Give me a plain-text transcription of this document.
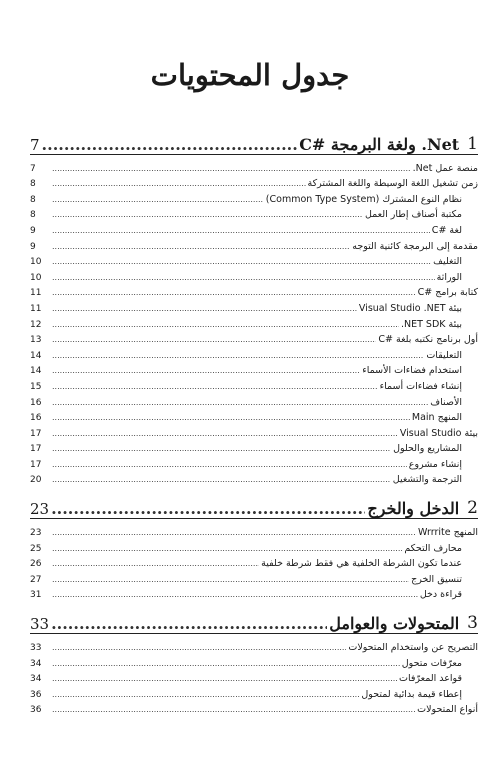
جدول المحتويات
1
Net. ولغة البرمجة #C
.....
7
منصة عمل Net.
.....
7
زمن تشغيل اللغة الوسيطة واللغة المشتركة
.....
8
نظام النوع المشترك (Common Type System)
.....
8
مكتبة أصناف إطار العمل
.....
8
لغة #C
.....
9
مقدمة إلى البرمجة كائنية التوجه
.....
9
التغليف
.....
10
الوراثة
.....
10
كتابة برامج #C
.....
11
بيئة Visual Studio .NET
.....
11
بيئة NET SDK.
.....
12
أول برنامج نكتبه بلغة #C
.....
13
التعليقات
.....
14
استخدام فضاءات الأسماء
.....
14
إنشاء فضاءات أسماء
.....
15
الأصناف
.....
16
المنهج Main
.....
16
بيئة Visual Studio
.....
17
المشاريع والحلول
.....
17
إنشاء مشروع
.....
17
الترجمة والتشغيل
.....
20
2
الدخل والخرج
.....
23
المنهج Wrrrite
.....
23
محارف التحكم
.....
25
عندما تكون الشرطة الخلفية هي فقط شرطة خلفية
.....
26
تنسيق الخرج
.....
27
قراءة دخل
.....
31
3
المتحولات والعوامل
.....
33
التصريح عن واستخدام المتحولات
.....
33
معرّفات متحول
.....
34
قواعد المعرّفات
.....
34
إعطاء قيمة بدائية لمتحول
.....
36
أنواع المتحولات
.....
36
